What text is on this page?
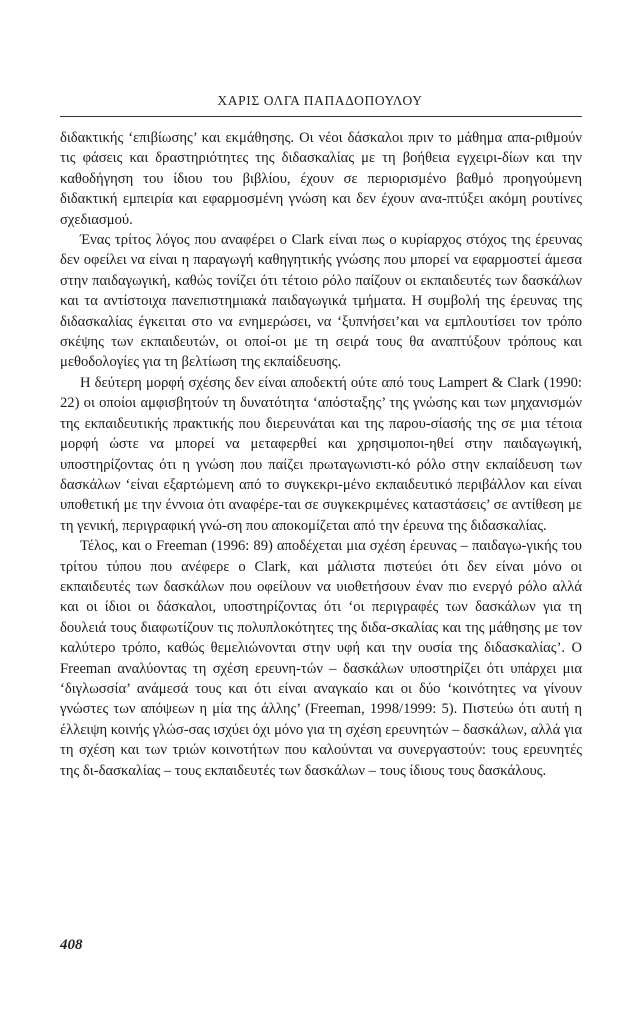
ΧΑΡΙΣ ΟΛΓΑ ΠΑΠΑΔΟΠΟΥΛΟΥ

διδακτικής ‘επιβίωσης’ και εκμάθησης. Οι νέοι δάσκαλοι πριν το μάθημα απα-ριθμούν τις φάσεις και δραστηριότητες της διδασκαλίας με τη βοήθεια εγχειρι-δίων και την καθοδήγηση του ίδιου του βιβλίου, έχουν σε περιορισμένο βαθμό προηγούμενη διδακτική εμπειρία και εφαρμοσμένη γνώση και δεν έχουν ανα-πτύξει ακόμη ρουτίνες σχεδιασμού.

Ένας τρίτος λόγος που αναφέρει ο Clark είναι πως ο κυρίαρχος στόχος της έρευνας δεν οφείλει να είναι η παραγωγή καθηγητικής γνώσης που μπορεί να εφαρμοστεί άμεσα στην παιδαγωγική, καθώς τονίζει ότι τέτοιο ρόλο παίζουν οι εκπαιδευτές των δασκάλων και τα αντίστοιχα πανεπιστημιακά παιδαγωγικά τμήματα. Η συμβολή της έρευνας της διδασκαλίας έγκειται στο να ενημερώσει, να ‘ξυπνήσει’και να εμπλουτίσει τον τρόπο σκέψης των εκπαιδευτών, οι οποί-οι με τη σειρά τους θα αναπτύξουν τρόπους και μεθοδολογίες για τη βελτίωση της εκπαίδευσης.

Η δεύτερη μορφή σχέσης δεν είναι αποδεκτή ούτε από τους Lampert & Clark (1990: 22) οι οποίοι αμφισβητούν τη δυνατότητα ‘απόσταξης’ της γνώσης και των μηχανισμών της εκπαιδευτικής πρακτικής που διερευνάται και της παρου-σίασής της σε μια τέτοια μορφή ώστε να μπορεί να μεταφερθεί και χρησιμοποι-ηθεί στην παιδαγωγική, υποστηρίζοντας ότι η γνώση που παίζει πρωταγωνιστι-κό ρόλο στην εκπαίδευση των δασκάλων ‘είναι εξαρτώμενη από το συγκεκρι-μένο εκπαιδευτικό περιβάλλον και είναι υποθετική με την έννοια ότι αναφέρε-ται σε συγκεκριμένες καταστάσεις’ σε αντίθεση με τη γενική, περιγραφική γνώ-ση που αποκομίζεται από την έρευνα της διδασκαλίας.

Τέλος, και ο Freeman (1996: 89) αποδέχεται μια σχέση έρευνας – παιδαγω-γικής του τρίτου τύπου που ανέφερε ο Clark, και μάλιστα πιστεύει ότι δεν είναι μόνο οι εκπαιδευτές των δασκάλων που οφείλουν να υιοθετήσουν έναν πιο ενεργό ρόλο αλλά και οι ίδιοι οι δάσκαλοι, υποστηρίζοντας ότι ‘οι περιγραφές των δασκάλων για τη δουλειά τους διαφωτίζουν τις πολυπλοκότητες της διδα-σκαλίας και της μάθησης με τον καλύτερο τρόπο, καθώς θεμελιώνονται στην υφή και την ουσία της διδασκαλίας’. Ο Freeman αναλύοντας τη σχέση ερευνη-τών – δασκάλων υποστηρίζει ότι υπάρχει μια ‘διγλωσσία’ ανάμεσά τους και ότι είναι αναγκαίο και οι δύο ‘κοινότητες να γίνουν γνώστες των απόψεων η μία της άλλης’ (Freeman, 1998/1999: 5). Πιστεύω ότι αυτή η έλλειψη κοινής γλώσ-σας ισχύει όχι μόνο για τη σχέση ερευνητών – δασκάλων, αλλά για τη σχέση και των τριών κοινοτήτων που καλούνται να συνεργαστούν: τους ερευνητές της δι-δασκαλίας – τους εκπαιδευτές των δασκάλων – τους ίδιους τους δασκάλους.

408
